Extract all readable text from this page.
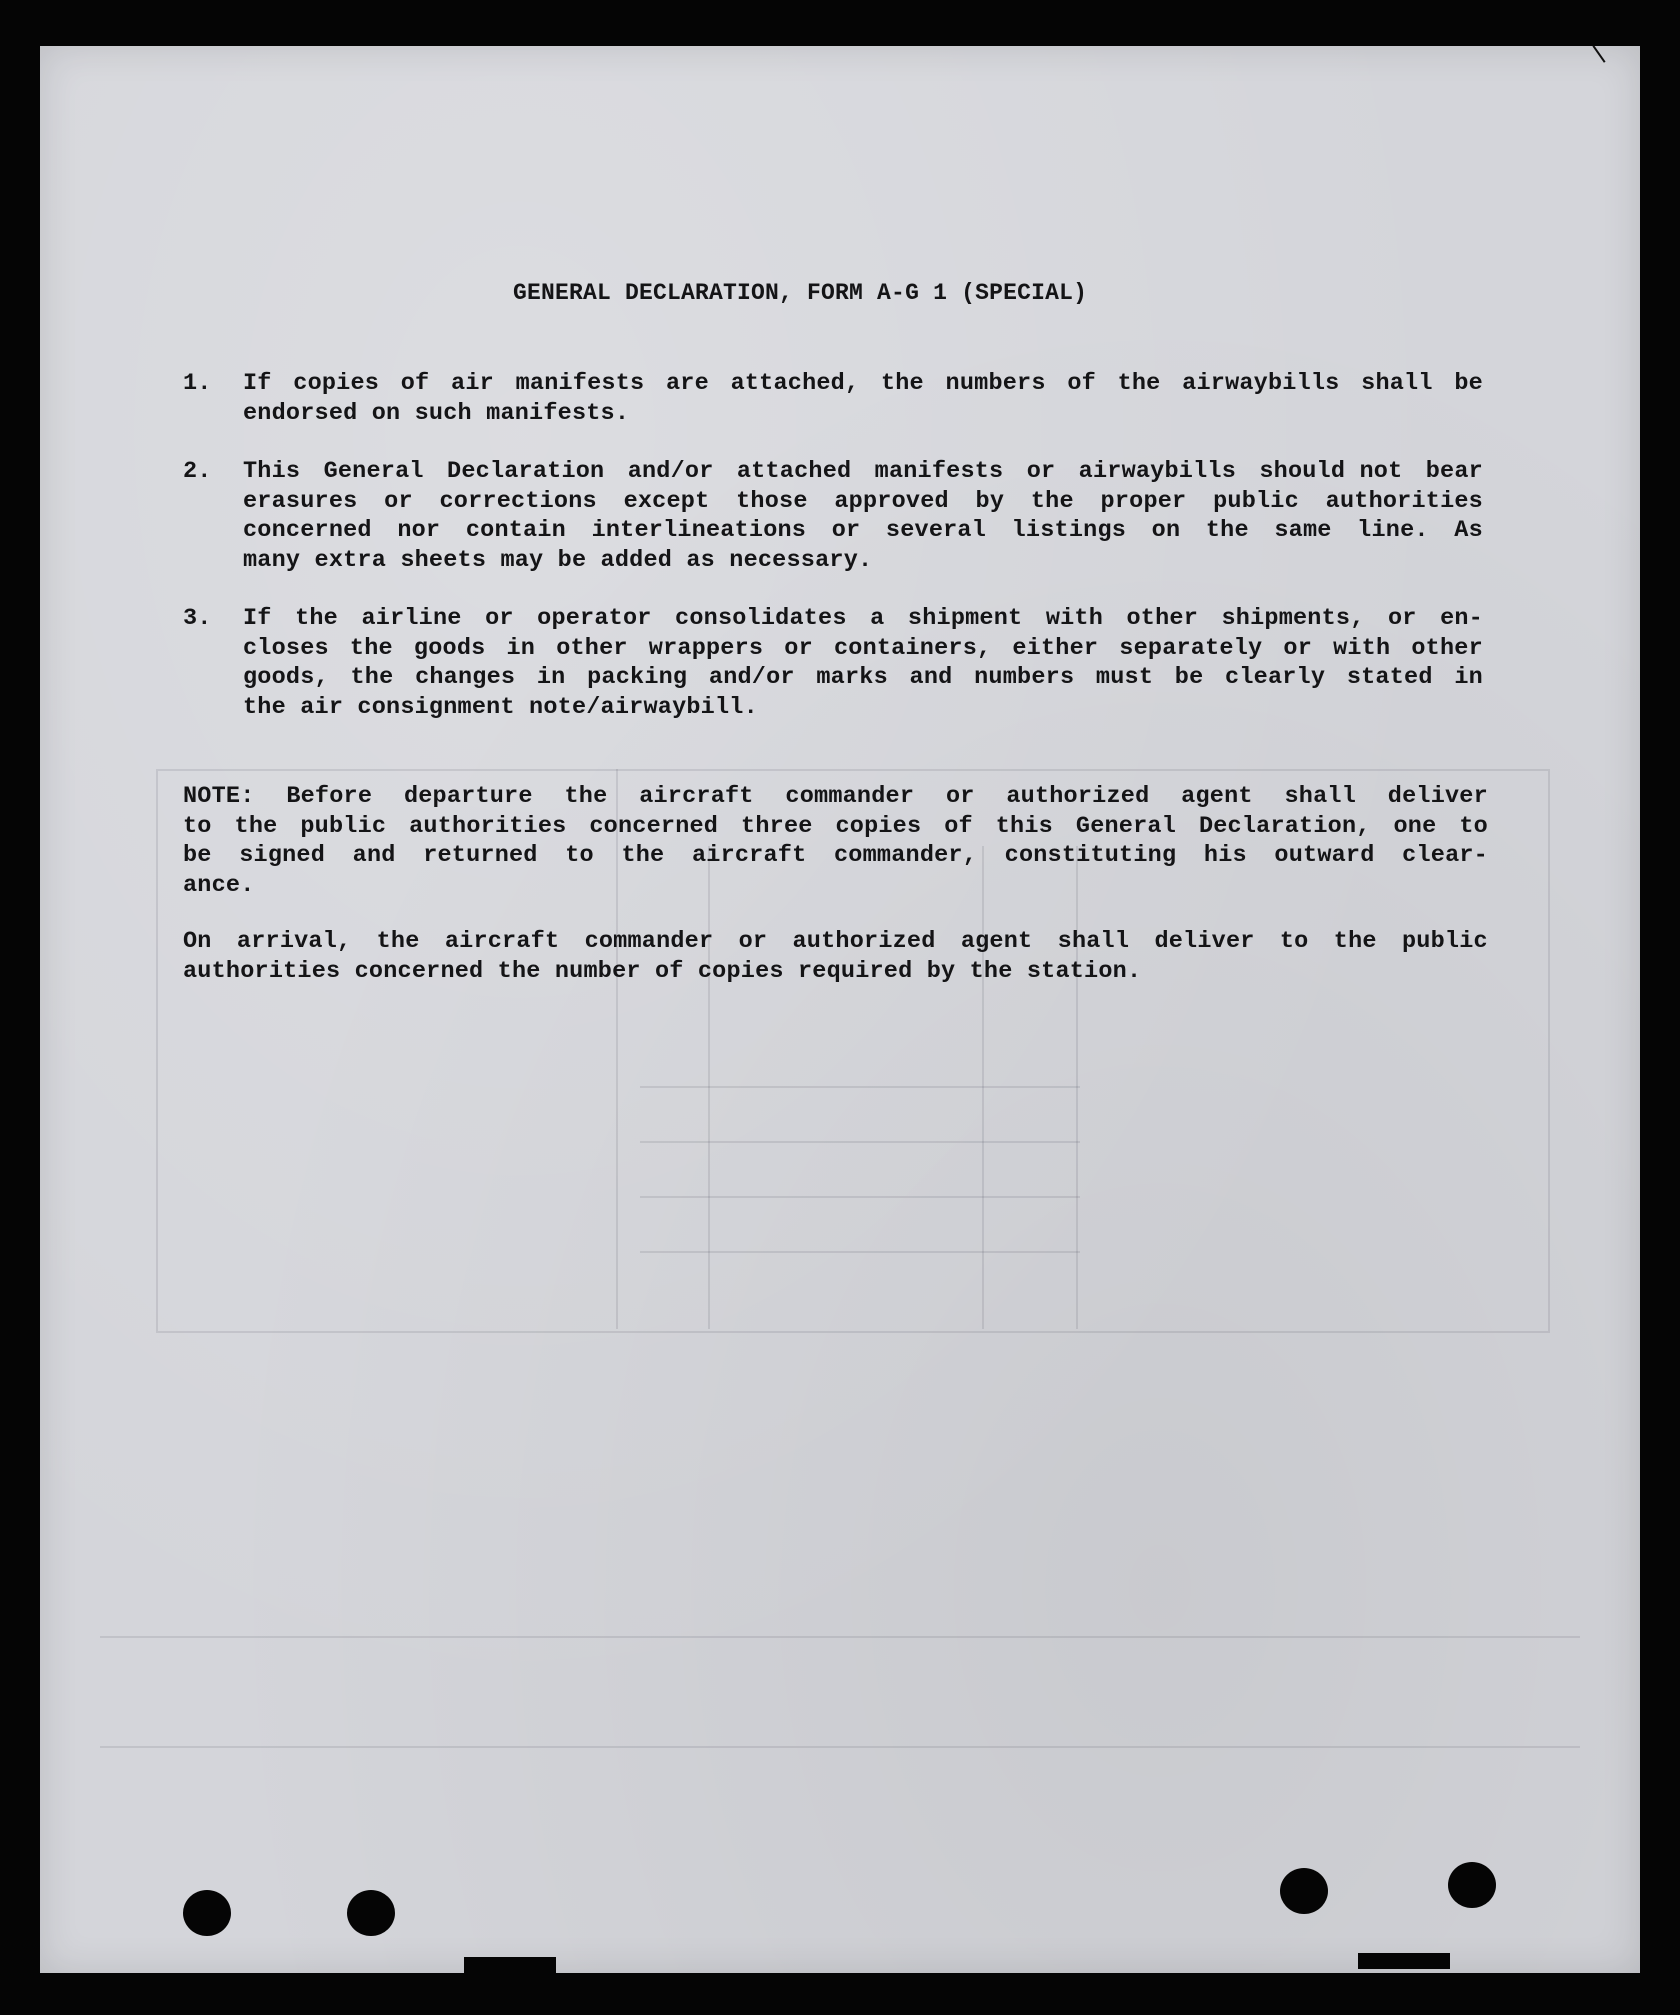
GENERAL DECLARATION, FORM A-G 1 (SPECIAL)
1.	If copies of air manifests are attached, the numbers of the airwaybills shall be
endorsed on such manifests.
2.	This General Declaration and/or attached manifests or airwaybills should not bear
erasures or corrections except those approved by the proper public authorities
concerned nor contain interlineations or several listings on the same line. As
many extra sheets may be added as necessary.
3.	If the airline or operator consolidates a shipment with other shipments, or en-
closes the goods in other wrappers or containers, either separately or with other
goods, the changes in packing and/or marks and numbers must be clearly stated in
the air consignment note/airwaybill.
NOTE: Before departure the aircraft commander or authorized agent shall deliver
to the public authorities concerned three copies of this General Declaration, one to
be signed and returned to the aircraft commander, constituting his outward clear-
ance.
On arrival, the aircraft commander or authorized agent shall deliver to the public
authorities concerned the number of copies required by the station.
